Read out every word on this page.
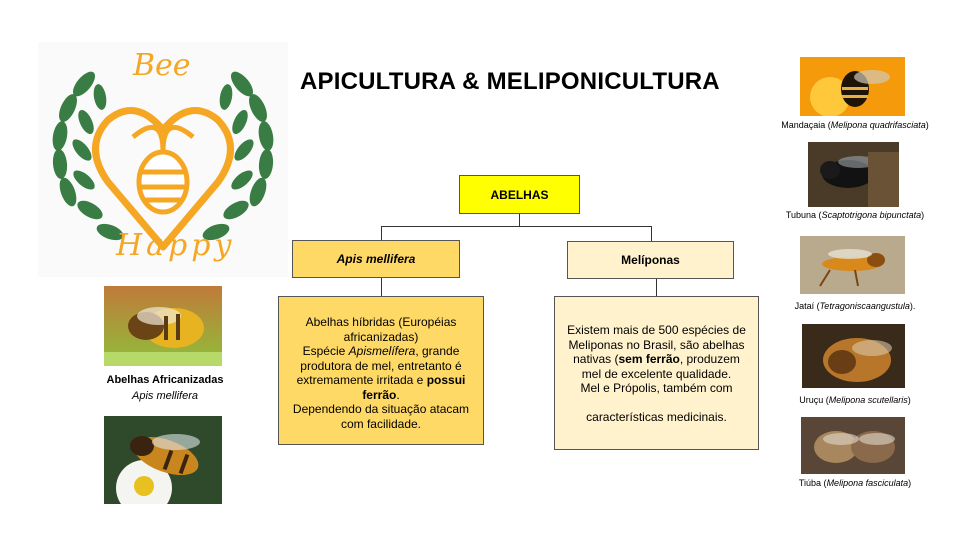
Bee
Happy
APICULTURA & MELIPONICULTURA
ABELHAS
Apis mellifera	Melíponas
Abelhas híbridas (Européias africanizadas)
Espécie Apismelífera, grande produtora de mel, entretanto é extremamente irritada e possui ferrão.
Dependendo da situação atacam com facilidade.
Existem mais de 500 espécies de Meliponas no Brasil, são abelhas nativas (sem ferrão, produzem mel de excelente qualidade.
Mel e Própolis, também com

características medicinais.
Abelhas Africanizadas
Apis mellifera
Mandaçaia (Melipona quadrifasciata)
Tubuna (Scaptotrigona bipunctata)
Jataí (Tetragoniscaangustula).
Uruçu (Melipona scutellaris)
Tiúba (Melipona fasciculata)
